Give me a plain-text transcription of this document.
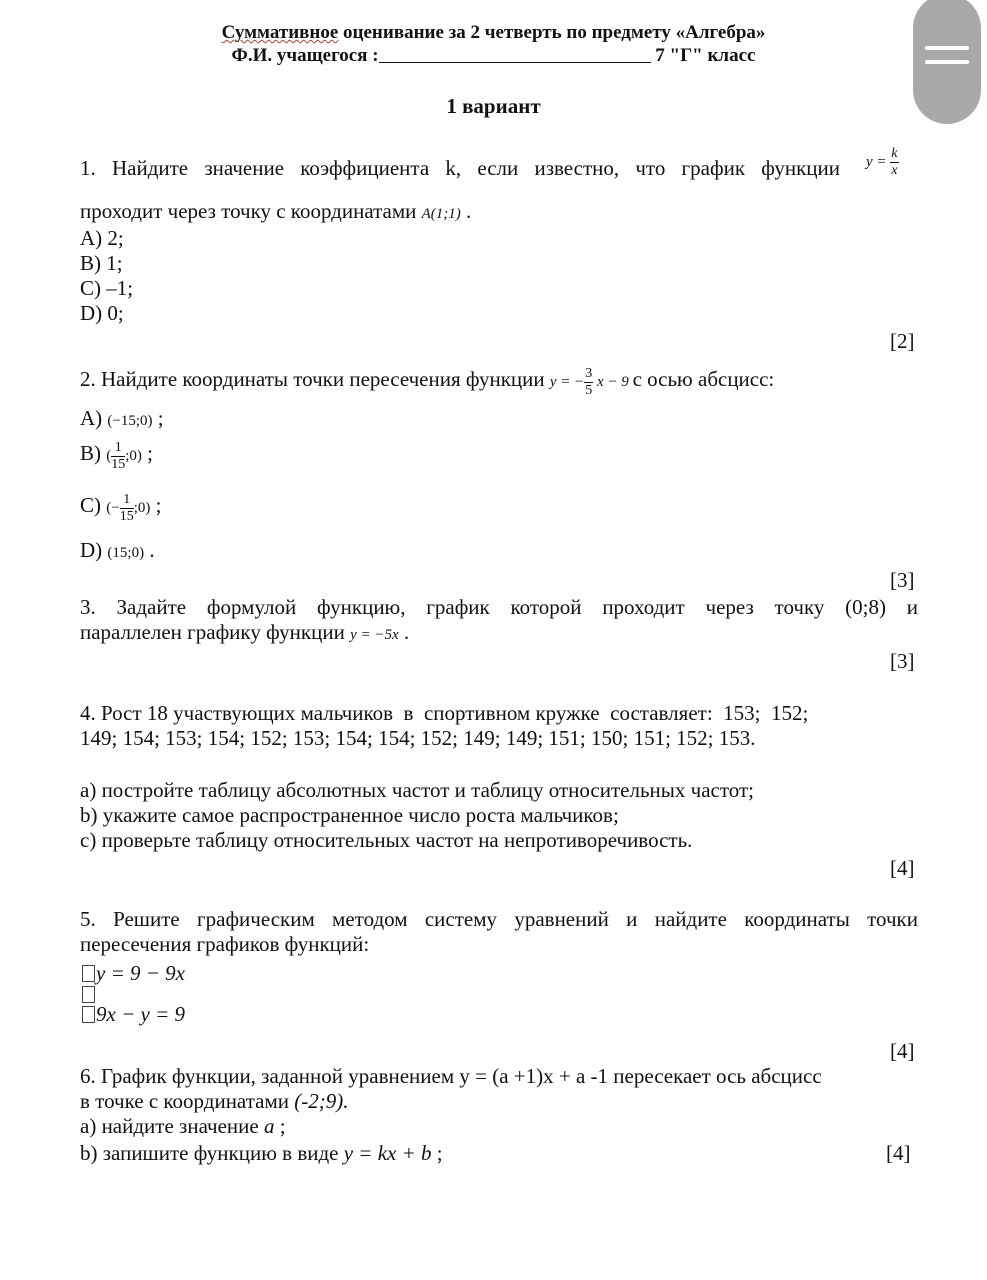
Суммативное оценивание за 2 четверть по предмету «Алгебра»
Ф.И. учащегося :	7 "Г" класс
1 вариант
1. Найдите значение коэффициента k, если известно, что график функции $y = \frac{k}{x}$
проходит через точку с координатами A(1;1) .
A) 2;
B) 1;
C) –1;
D) 0;
[2]
2. Найдите координаты точки пересечения функции y = − $\frac{3}{5}$ x − 9 с осью абсцисс:
A) (−15;0) ;
B) ( $\frac{1}{15}$ ;0) ;
C) (− $\frac{1}{15}$ ;0) ;
D) (15;0) .
[3]
3. Задайте формулой функцию, график которой проходит через точку (0;8) и
параллелен графику функции y = −5x .
[3]
4. Рост 18 участвующих мальчиков  в  спортивном кружке  составляет:  153;  152;
149; 154; 153; 154; 152; 153; 154; 154; 152; 149; 149; 151; 150; 151; 152; 153.
a) постройте таблицу абсолютных частот и таблицу относительных частот;
b) укажите самое распространенное число роста мальчиков;
c) проверьте таблицу относительных частот на непротиворечивость.
[4]
5. Решите графическим методом систему уравнений и найдите координаты точки
пересечения графиков функций:
y = 9 − 9x
9x − y = 9
[4]
6. График функции, заданной уравнением y = (a +1)x + a -1 пересекает ось абсцисс
в точке с координатами (-2;9).
a) найдите значение a ;
b) запишите функцию в виде y = kx + b ;	[4]
